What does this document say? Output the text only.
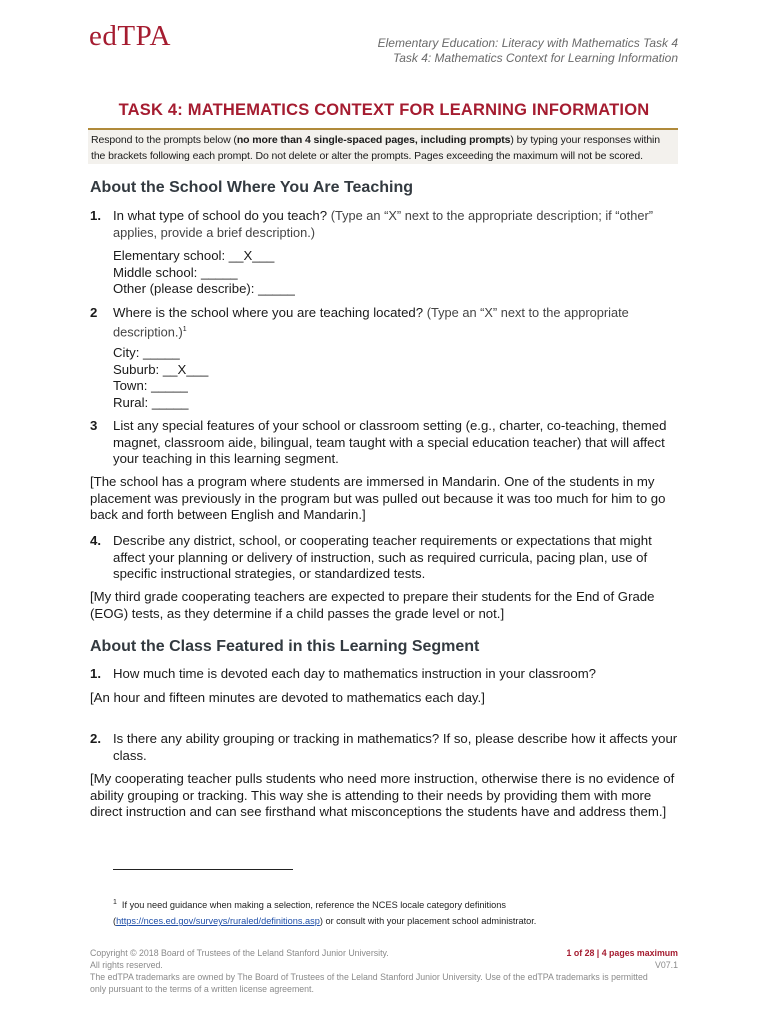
edTPA	Elementary Education: Literacy with Mathematics Task 4
Task 4: Mathematics Context for Learning Information
TASK 4: MATHEMATICS CONTEXT FOR LEARNING INFORMATION
Respond to the prompts below (no more than 4 single-spaced pages, including prompts) by typing your responses within the brackets following each prompt. Do not delete or alter the prompts. Pages exceeding the maximum will not be scored.
About the School Where You Are Teaching
1. In what type of school do you teach? (Type an “X” next to the appropriate description; if “other” applies, provide a brief description.)
Elementary school: __X___
Middle school: _____
Other (please describe): _____
2 Where is the school where you are teaching located? (Type an “X” next to the appropriate description.)$^1$
City: _____
Suburb: __X___
Town: _____
Rural: _____
3 List any special features of your school or classroom setting (e.g., charter, co-teaching, themed magnet, classroom aide, bilingual, team taught with a special education teacher) that will affect your teaching in this learning segment.
[The school has a program where students are immersed in Mandarin. One of the students in my placement was previously in the program but was pulled out because it was too much for him to go back and forth between English and Mandarin.]
4. Describe any district, school, or cooperating teacher requirements or expectations that might affect your planning or delivery of instruction, such as required curricula, pacing plan, use of specific instructional strategies, or standardized tests.
[My third grade cooperating teachers are expected to prepare their students for the End of Grade (EOG) tests, as they determine if a child passes the grade level or not.]
About the Class Featured in this Learning Segment
1. How much time is devoted each day to mathematics instruction in your classroom?
[An hour and fifteen minutes are devoted to mathematics each day.]
2. Is there any ability grouping or tracking in mathematics? If so, please describe how it affects your class.
[My cooperating teacher pulls students who need more instruction, otherwise there is no evidence of ability grouping or tracking. This way she is attending to their needs by providing them with more direct instruction and can see firsthand what misconceptions the students have and address them.]
$^1$ If you need guidance when making a selection, reference the NCES locale category definitions
(https://nces.ed.gov/surveys/ruraled/definitions.asp) or consult with your placement school administrator.
Copyright © 2018 Board of Trustees of the Leland Stanford Junior University.
All rights reserved.
The edTPA trademarks are owned by The Board of Trustees of the Leland Stanford Junior University. Use of the edTPA trademarks is permitted only pursuant to the terms of a written license agreement.
1 of 28 | 4 pages maximum
V07.1
